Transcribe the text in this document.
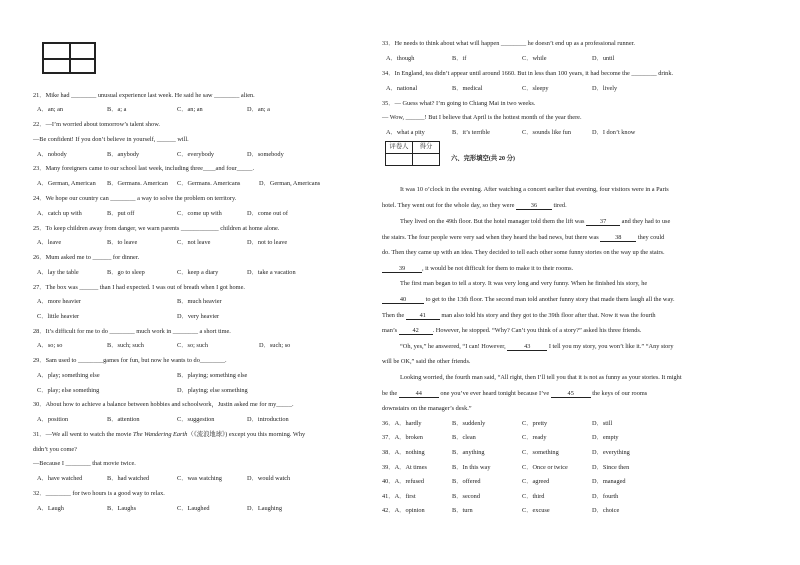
21．Mike had ________ unusual experience last week. He said he saw ________ alien.
A．an; an	B．a; a	C．an; an	D．an; a
22．—I’m worried about tomorrow’s talent show.
—Be confident! If you don’t believe in yourself, ______ will.
A．nobody	B．anybody	C．everybody	D．somebody
23．Many foreigners came to our school last week, including three____and four_____.
A．German, American B．Germans. American C．Germans. Americans	D．German, Americans
24．We hope our country can ________ a way to solve the problem on territory.
A．catch up with	B．put off	C．come up with	D．come out of
25．To keep children away from danger, we warn parents ____________ children at home alone.
A．leave	B．to leave	C．not leave	D．not to leave
26．Mum asked me to ______ for dinner.
A．lay the table	B．go to sleep	C．keep a diary	D．take a vacation
27．The box was ______ than I had expected. I was out of breath when I got home.
A．more heavier	B．much heavier
C．little heavier	D．very heavier
28．It’s difficult for me to do ________ much work in ________ a short time.
A．so; so	B．such; such	C．so; such	D．such; so
29．Sam used to ________games for fun, but now he wants to do________.
A．play; something else	B．playing; something else
C．play; else something	D．playing; else something
30．About how to achieve a balance between hobbies and schoolwork，Justin asked me for my_____.
A．position	B．attention	C．suggestion	D．introduction
31．—We all went to watch the movie The Wandering Earth（《流浪地球》) except you this morning. Why
didn’t you come?
—Because I ________ that movie twice.
A．have watched	B．had watched	C．was watching	D．would watch
32．________ for two hours is a good way to relax.
A．Laugh	B．Laughs	C．Laughed	D．Laughing
33．He needs to think about what will happen ________ he doesn’t end up as a professional runner.
A．though	B．if	C．while	D．until
34．In England, tea didn’t appear until around 1660. But in less than 100 years, it had become the ________ drink.
A．national	B．medical	C．sleepy	D．lively
35．— Guess what? I’m going to Chiang Mai in two weeks.
— Wow, ______! But I believe that April is the hottest month of the year there.
A．what a pity	B．it’s terrible	C．sounds like fun	D．I don’t know
评卷人	得分

六、完形填空(共 20 分)
It was 10 o’clock in the evening. After watching a concert earlier that evening, four visitors were in a Paris
hotel. They went out for the whole day, so they were 36 tired.
They lived on the 49th floor. But the hotel manager told them the lift was 37 and they had to use
the stairs. The four people were very sad when they heard the bad news, but there was 38 they could
do. Then they came up with an idea. They decided to tell each other some funny stories on the way up the stairs.
39	, it would be not difficult for them to make it to their rooms.
The first man began to tell a story. It was very long and very funny. When he finished his story, he
40	to get to the 13th floor. The second man told another funny story that made them laugh all the way.
Then the 41 man also told his story and they got to the 39th floor after that. Now it was the fourth
man’s 42 . However, he stopped. “Why? Can’t you think of a story?” asked his three friends.
“Oh, yes,” he answered, “I can! However,	43	I tell you my story, you won’t like it.” “Any story
will be OK,” said the other friends.
Looking worried, the fourth man said, “All right, then I’ll tell you that it is not as funny as your stories. It might
be the	44	one you’ve ever heard tonight because I’ve	45	the keys of our rooms
downstairs on the manager’s desk.”
36．A．hardly	B．suddenly	C．pretty	D．still
37．A．broken	B．clean	C．ready	D．empty
38．A．nothing	B．anything	C．something	D．everything
39．A．At times	B．In this way	C．Once or twice	D．Since then
40．A．refused	B．offered	C．agreed	D．managed
41．A．first	B．second	C．third	D．fourth
42．A．opinion	B．turn	C．excuse	D．choice
